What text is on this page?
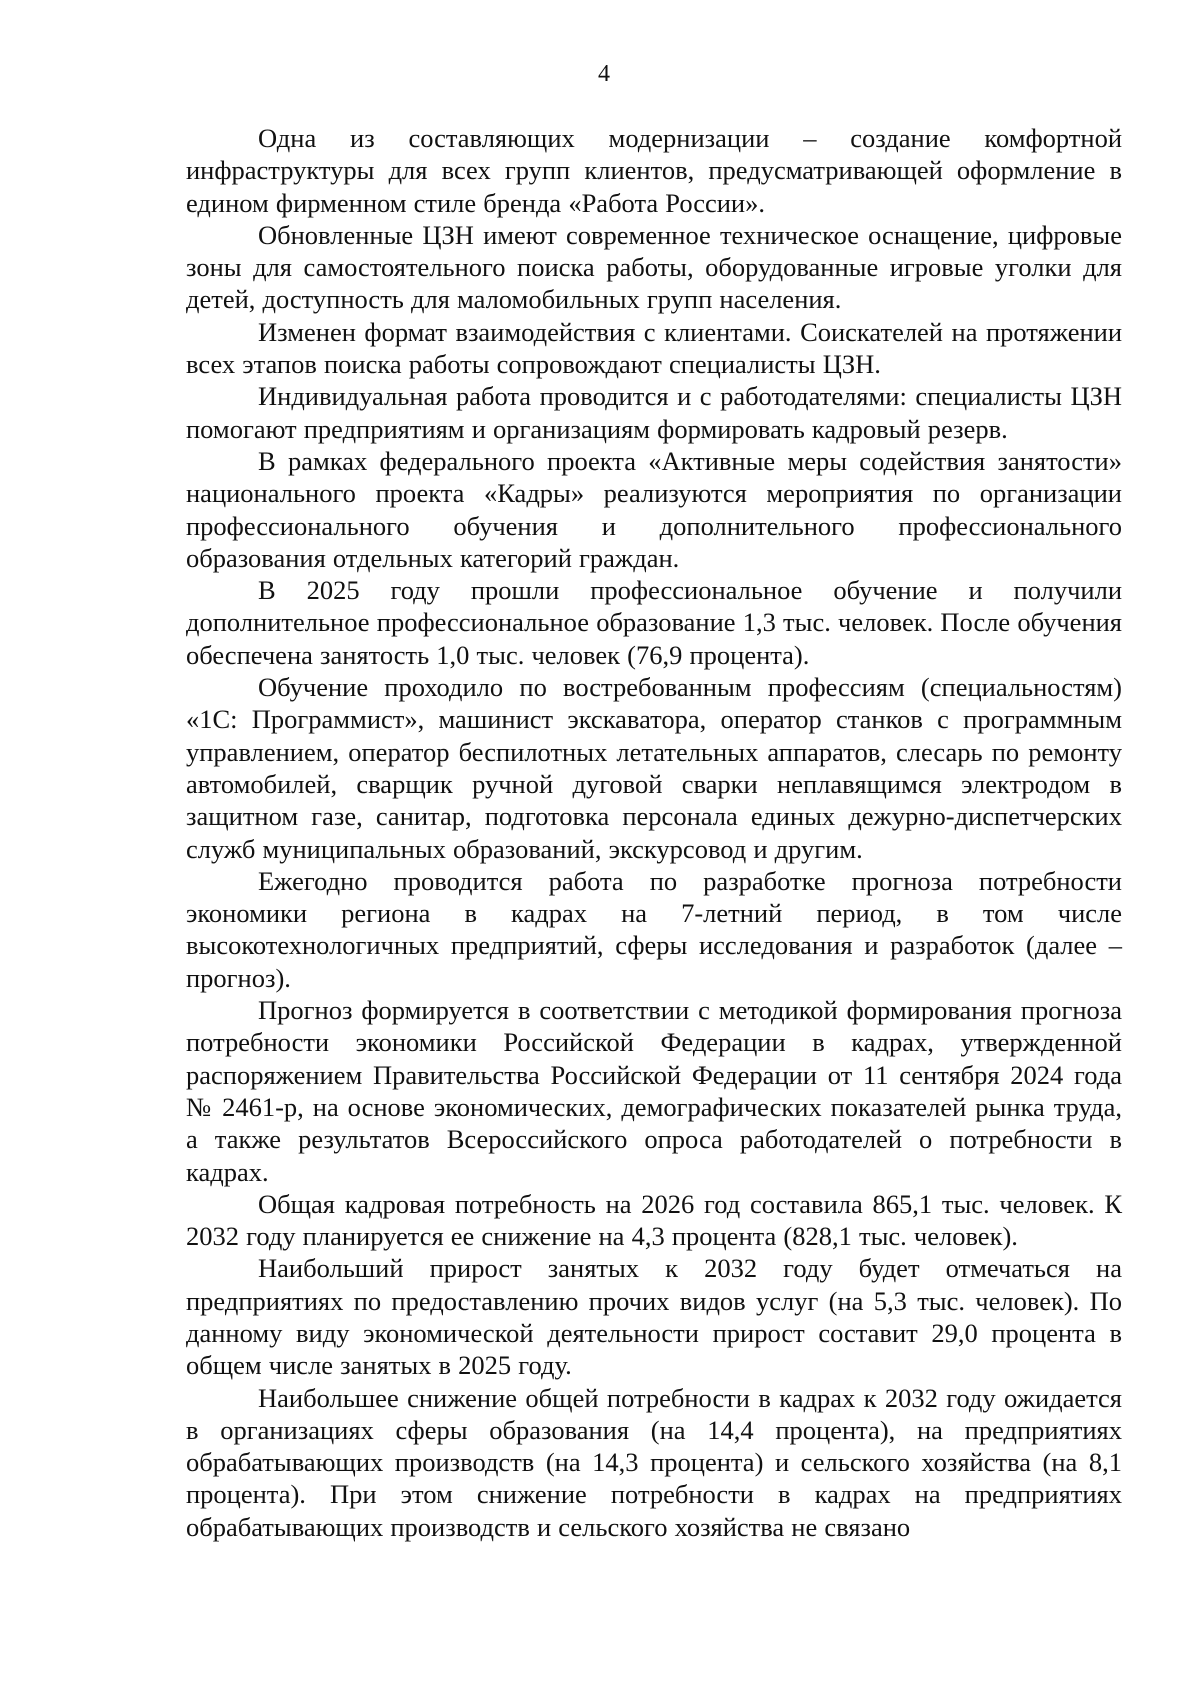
4

Одна из составляющих модернизации – создание комфортной инфраструктуры для всех групп клиентов, предусматривающей оформление в едином фирменном стиле бренда «Работа России».

Обновленные ЦЗН имеют современное техническое оснащение, цифровые зоны для самостоятельного поиска работы, оборудованные игровые уголки для детей, доступность для маломобильных групп населения.

Изменен формат взаимодействия с клиентами. Соискателей на протяжении всех этапов поиска работы сопровождают специалисты ЦЗН.

Индивидуальная работа проводится и с работодателями: специалисты ЦЗН помогают предприятиям и организациям формировать кадровый резерв.

В рамках федерального проекта «Активные меры содействия занятости» национального проекта «Кадры» реализуются мероприятия по организации профессионального обучения и дополнительного профессионального образования отдельных категорий граждан.

В 2025 году прошли профессиональное обучение и получили дополнительное профессиональное образование 1,3 тыс. человек. После обучения обеспечена занятость 1,0 тыс. человек (76,9 процента).

Обучение проходило по востребованным профессиям (специальностям) «1С: Программист», машинист экскаватора, оператор станков с программным управлением, оператор беспилотных летательных аппаратов, слесарь по ремонту автомобилей, сварщик ручной дуговой сварки неплавящимся электродом в защитном газе, санитар, подготовка персонала единых дежурно-диспетчерских служб муниципальных образований, экскурсовод и другим.

Ежегодно проводится работа по разработке прогноза потребности экономики региона в кадрах на 7-летний период, в том числе высокотехнологичных предприятий, сферы исследования и разработок (далее – прогноз).

Прогноз формируется в соответствии с методикой формирования прогноза потребности экономики Российской Федерации в кадрах, утвержденной распоряжением Правительства Российской Федерации от 11 сентября 2024 года № 2461-р, на основе экономических, демографических показателей рынка труда, а также результатов Всероссийского опроса работодателей о потребности в кадрах.

Общая кадровая потребность на 2026 год составила 865,1 тыс. человек. К 2032 году планируется ее снижение на 4,3 процента (828,1 тыс. человек).

Наибольший прирост занятых к 2032 году будет отмечаться на предприятиях по предоставлению прочих видов услуг (на 5,3 тыс. человек). По данному виду экономической деятельности прирост составит 29,0 процента в общем числе занятых в 2025 году.

Наибольшее снижение общей потребности в кадрах к 2032 году ожидается в организациях сферы образования (на 14,4 процента), на предприятиях обрабатывающих производств (на 14,3 процента) и сельского хозяйства (на 8,1 процента). При этом снижение потребности в кадрах на предприятиях обрабатывающих производств и сельского хозяйства не связано
